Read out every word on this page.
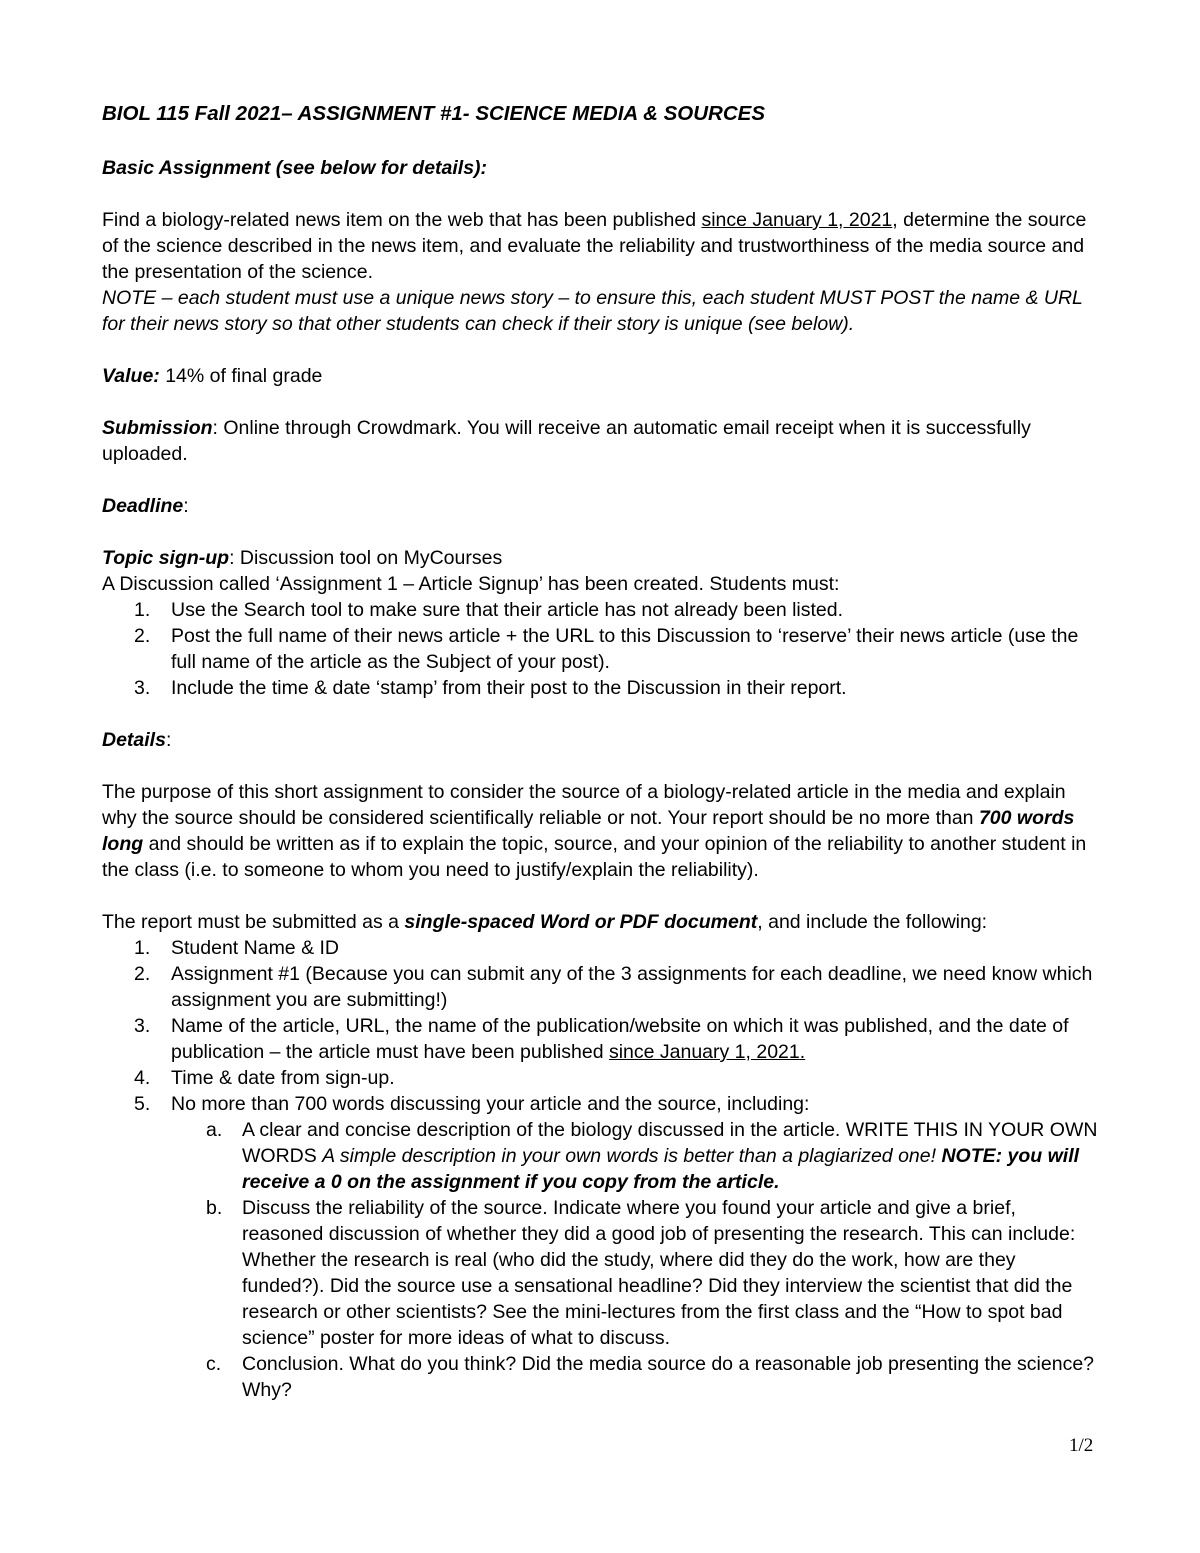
BIOL 115 Fall 2021– ASSIGNMENT #1- SCIENCE MEDIA & SOURCES

Basic Assignment (see below for details):

Find a biology-related news item on the web that has been published since January 1, 2021, determine the source of the science described in the news item, and evaluate the reliability and trustworthiness of the media source and the presentation of the science.

NOTE – each student must use a unique news story – to ensure this, each student MUST POST the name & URL for their news story so that other students can check if their story is unique (see below).

Value: 14% of final grade

Submission: Online through Crowdmark. You will receive an automatic email receipt when it is successfully uploaded.

Deadline:

Topic sign-up: Discussion tool on MyCourses
A Discussion called ‘Assignment 1 – Article Signup’ has been created. Students must:
1. Use the Search tool to make sure that their article has not already been listed.
2. Post the full name of their news article + the URL to this Discussion to ‘reserve’ their news article (use the full name of the article as the Subject of your post).
3. Include the time & date ‘stamp’ from their post to the Discussion in their report.

Details:

The purpose of this short assignment to consider the source of a biology-related article in the media and explain why the source should be considered scientifically reliable or not. Your report should be no more than 700 words long and should be written as if to explain the topic, source, and your opinion of the reliability to another student in the class (i.e. to someone to whom you need to justify/explain the reliability).

The report must be submitted as a single-spaced Word or PDF document, and include the following:
1. Student Name & ID
2. Assignment #1 (Because you can submit any of the 3 assignments for each deadline, we need know which assignment you are submitting!)
3. Name of the article, URL, the name of the publication/website on which it was published, and the date of publication – the article must have been published since January 1, 2021.
4. Time & date from sign-up.
5. No more than 700 words discussing your article and the source, including:
a. A clear and concise description of the biology discussed in the article. WRITE THIS IN YOUR OWN WORDS A simple description in your own words is better than a plagiarized one! NOTE: you will receive a 0 on the assignment if you copy from the article.
b. Discuss the reliability of the source. Indicate where you found your article and give a brief, reasoned discussion of whether they did a good job of presenting the research. This can include: Whether the research is real (who did the study, where did they do the work, how are they funded?). Did the source use a sensational headline? Did they interview the scientist that did the research or other scientists? See the mini-lectures from the first class and the “How to spot bad science” poster for more ideas of what to discuss.
c. Conclusion. What do you think? Did the media source do a reasonable job presenting the science? Why?
1/2
